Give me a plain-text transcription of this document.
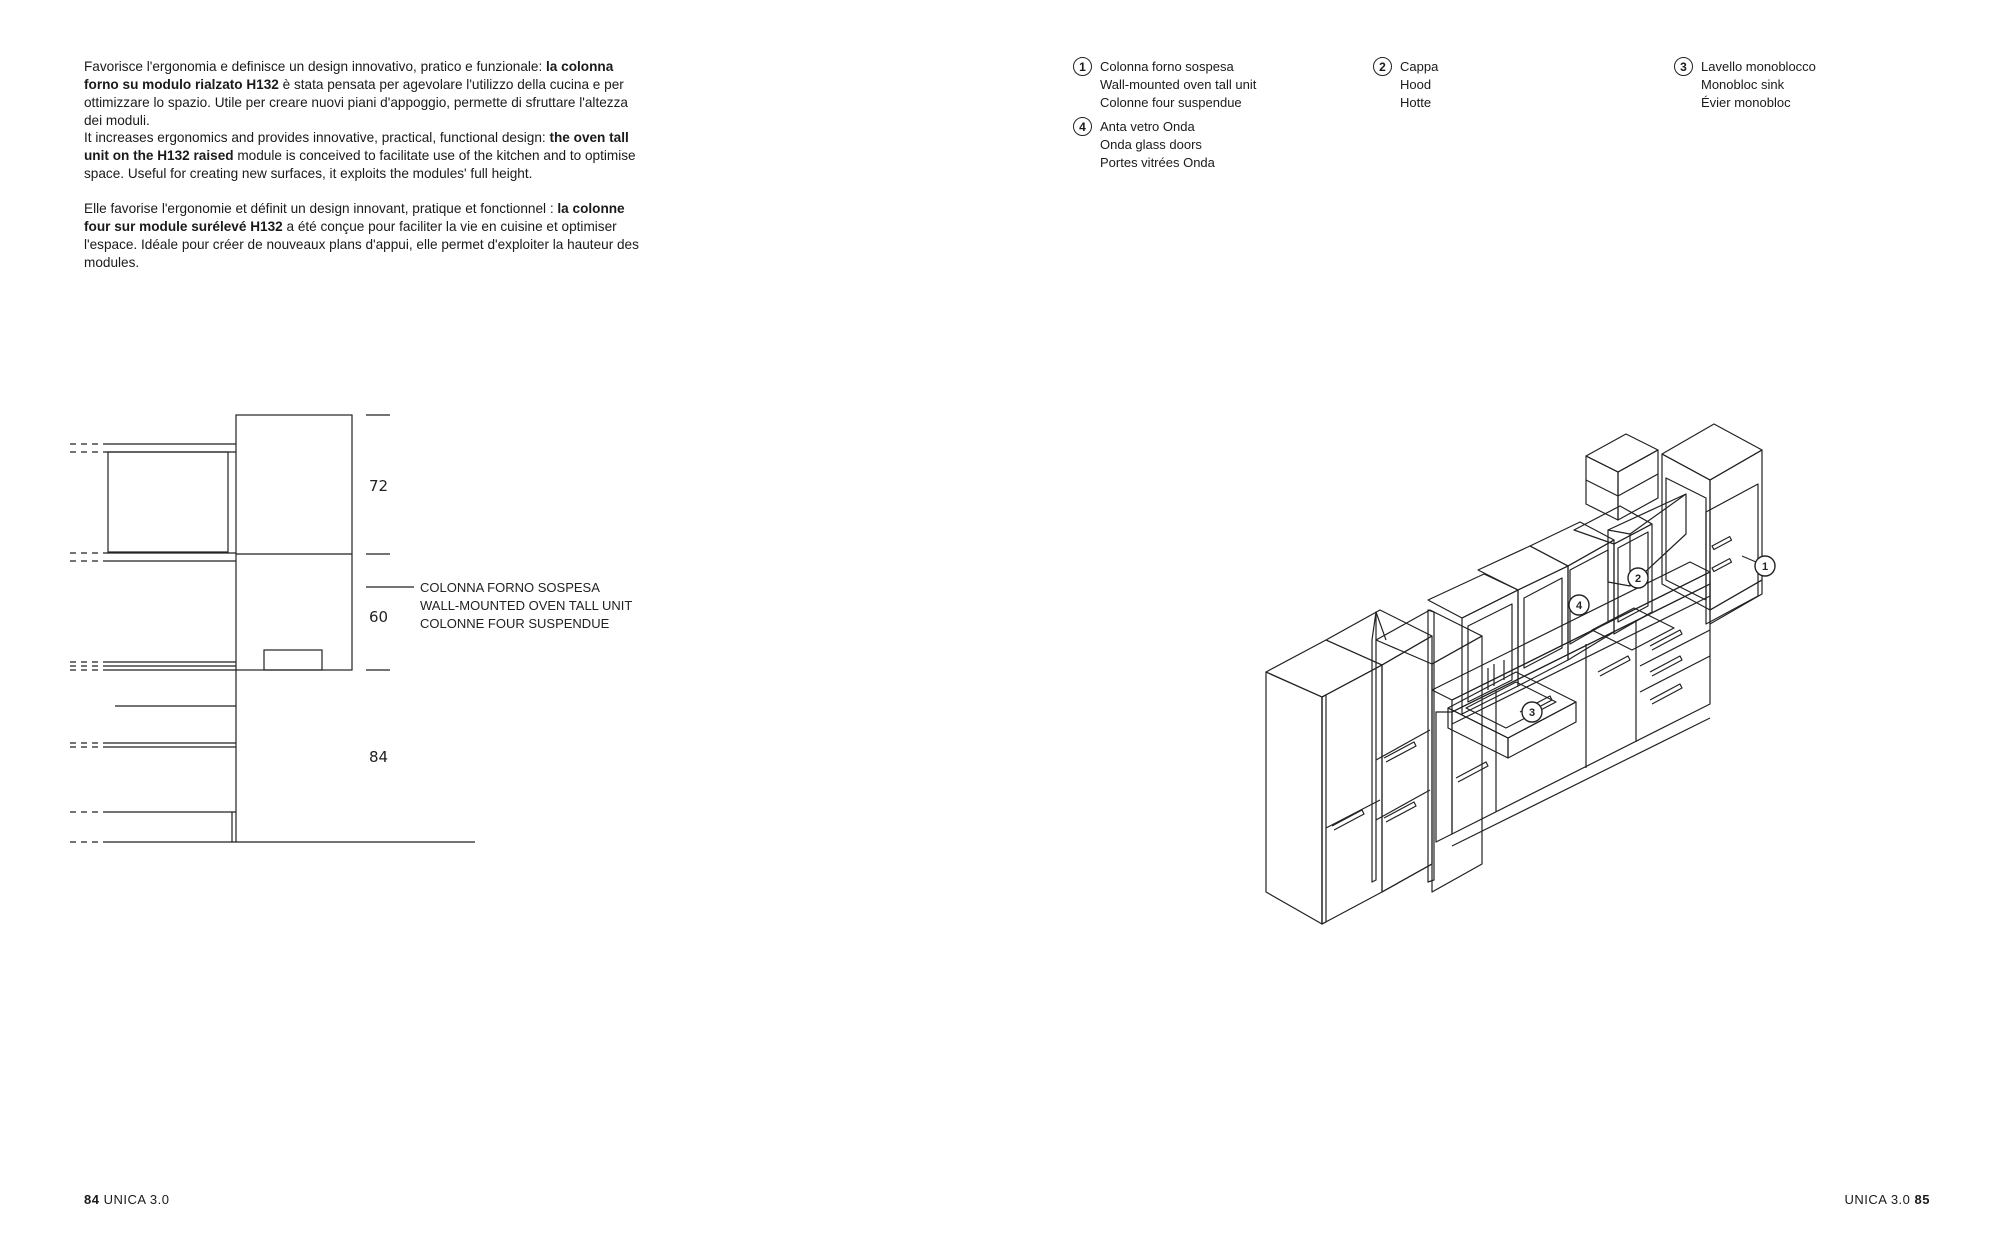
Favorisce l'ergonomia e definisce un design innovativo, pratico e funzionale: la colonna forno su modulo rialzato H132 è stata pensata per agevolare l'utilizzo della cucina e per ottimizzare lo spazio. Utile per creare nuovi piani d'appoggio, permette di sfruttare l'altezza dei moduli.

It increases ergonomics and provides innovative, practical, functional design: the oven tall unit on the H132 raised module is conceived to facilitate use of the kitchen and to optimise space. Useful for creating new surfaces, it exploits the modules' full height.

Elle favorise l'ergonomie et définit un design innovant, pratique et fonctionnel : la colonne four sur module surélevé H132 a été conçue pour faciliter la vie en cuisine et optimiser l'espace. Idéale pour créer de nouveaux plans d'appui, elle permet d'exploiter la hauteur des modules.

1	Colonna forno sospesa
Wall-mounted oven tall unit
Colonne four suspendue
2	Cappa
Hood
Hotte
3	Lavello monoblocco
Monobloc sink
Évier monobloc
4	Anta vetro Onda
Onda glass doors
Portes vitrées Onda
72
60
84
COLONNA FORNO SOSPESA
WALL-MOUNTED OVEN TALL UNIT
COLONNE FOUR SUSPENDUE
1
2
3
4
84 UNICA 3.0	UNICA 3.0 85
